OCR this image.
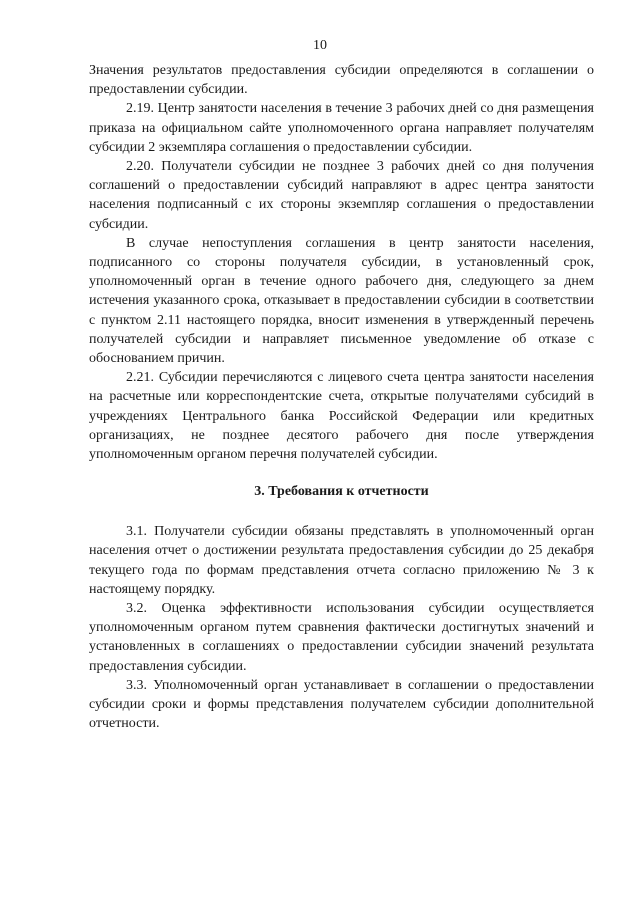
10

Значения результатов предоставления субсидии определяются в соглашении о предоставлении субсидии.

2.19. Центр занятости населения в течение 3 рабочих дней со дня размещения приказа на официальном сайте уполномоченного органа направляет получателям субсидии 2 экземпляра соглашения о предоставлении субсидии.

2.20. Получатели субсидии не позднее 3 рабочих дней со дня получения соглашений о предоставлении субсидий направляют в адрес центра занятости населения подписанный с их стороны экземпляр соглашения о предоставлении субсидии.

В случае непоступления соглашения в центр занятости населения, подписанного со стороны получателя субсидии, в установленный срок, уполномоченный орган в течение одного рабочего дня, следующего за днем истечения указанного срока, отказывает в предоставлении субсидии в соответствии с пунктом 2.11 настоящего порядка, вносит изменения в утвержденный перечень получателей субсидии и направляет письменное уведомление об отказе с обоснованием причин.

2.21. Субсидии перечисляются с лицевого счета центра занятости населения на расчетные или корреспондентские счета, открытые получателями субсидий в учреждениях Центрального банка Российской Федерации или кредитных организациях, не позднее десятого рабочего дня после утверждения уполномоченным органом перечня получателей субсидии.

3. Требования к отчетности

3.1. Получатели субсидии обязаны представлять в уполномоченный орган населения отчет о достижении результата предоставления субсидии до 25 декабря текущего года по формам представления отчета согласно приложению № 3 к настоящему порядку.

3.2. Оценка эффективности использования субсидии осуществляется уполномоченным органом путем сравнения фактически достигнутых значений и установленных в соглашениях о предоставлении субсидии значений результата предоставления субсидии.

3.3. Уполномоченный орган устанавливает в соглашении о предоставлении субсидии сроки и формы представления получателем субсидии дополнительной отчетности.
